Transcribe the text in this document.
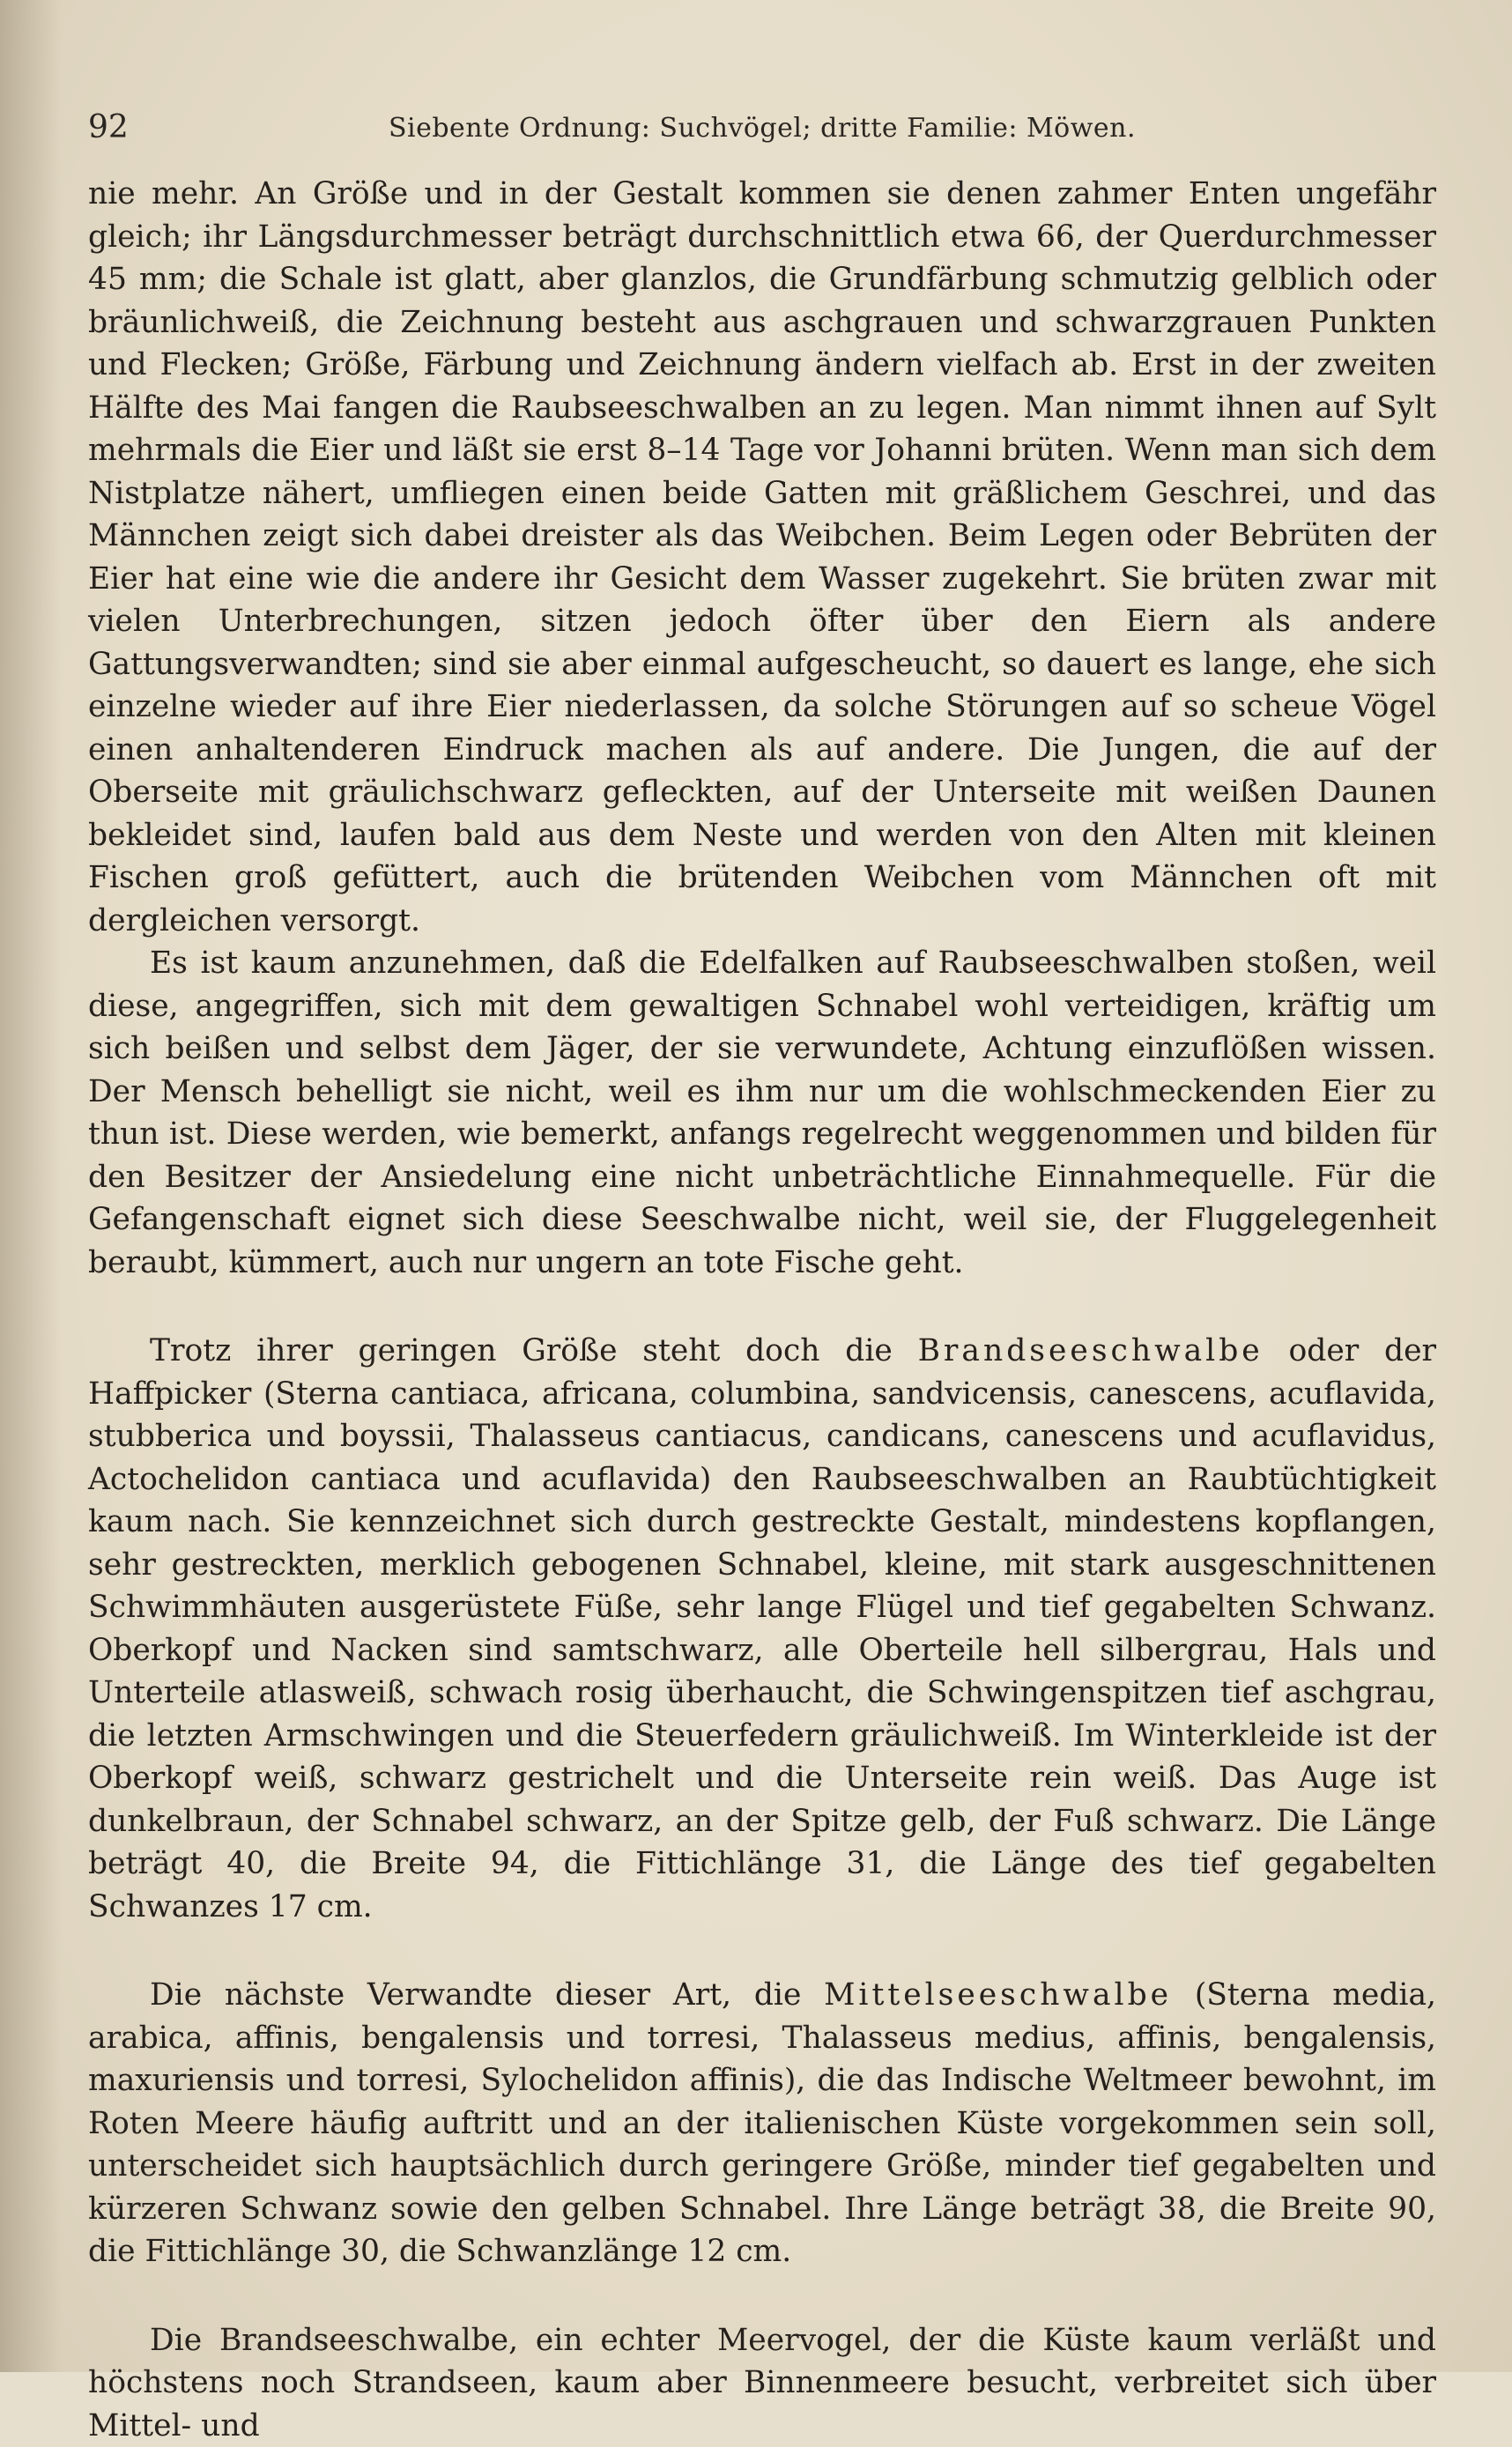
92	Siebente Ordnung: Suchvögel; dritte Familie: Möwen.

nie mehr. An Größe und in der Gestalt kommen sie denen zahmer Enten ungefähr gleich; ihr Längsdurchmesser beträgt durchschnittlich etwa 66, der Querdurchmesser 45 mm; die Schale ist glatt, aber glanzlos, die Grundfärbung schmutzig gelblich oder bräunlichweiß, die Zeichnung besteht aus aschgrauen und schwarzgrauen Punkten und Flecken; Größe, Färbung und Zeichnung ändern vielfach ab. Erst in der zweiten Hälfte des Mai fangen die Raubseeschwalben an zu legen. Man nimmt ihnen auf Sylt mehrmals die Eier und läßt sie erst 8–14 Tage vor Johanni brüten. Wenn man sich dem Nistplatze nähert, umfliegen einen beide Gatten mit gräßlichem Geschrei, und das Männchen zeigt sich dabei dreister als das Weibchen. Beim Legen oder Bebrüten der Eier hat eine wie die andere ihr Gesicht dem Wasser zugekehrt. Sie brüten zwar mit vielen Unterbrechungen, sitzen jedoch öfter über den Eiern als andere Gattungsverwandten; sind sie aber einmal aufgescheucht, so dauert es lange, ehe sich einzelne wieder auf ihre Eier niederlassen, da solche Störungen auf so scheue Vögel einen anhaltenderen Eindruck machen als auf andere. Die Jungen, die auf der Oberseite mit gräulichschwarz gefleckten, auf der Unterseite mit weißen Daunen bekleidet sind, laufen bald aus dem Neste und werden von den Alten mit kleinen Fischen groß gefüttert, auch die brütenden Weibchen vom Männchen oft mit dergleichen versorgt.

Es ist kaum anzunehmen, daß die Edelfalken auf Raubseeschwalben stoßen, weil diese, angegriffen, sich mit dem gewaltigen Schnabel wohl verteidigen, kräftig um sich beißen und selbst dem Jäger, der sie verwundete, Achtung einzuflößen wissen. Der Mensch behelligt sie nicht, weil es ihm nur um die wohlschmeckenden Eier zu thun ist. Diese werden, wie bemerkt, anfangs regelrecht weggenommen und bilden für den Besitzer der Ansiedelung eine nicht unbeträchtliche Einnahmequelle. Für die Gefangenschaft eignet sich diese Seeschwalbe nicht, weil sie, der Fluggelegenheit beraubt, kümmert, auch nur ungern an tote Fische geht.

Trotz ihrer geringen Größe steht doch die Brandseeschwalbe oder der Haffpicker (Sterna cantiaca, africana, columbina, sandvicensis, canescens, acuflavida, stubberica und boyssii, Thalasseus cantiacus, candicans, canescens und acuflavidus, Actochelidon cantiaca und acuflavida) den Raubseeschwalben an Raubtüchtigkeit kaum nach. Sie kennzeichnet sich durch gestreckte Gestalt, mindestens kopflangen, sehr gestreckten, merklich gebogenen Schnabel, kleine, mit stark ausgeschnittenen Schwimmhäuten ausgerüstete Füße, sehr lange Flügel und tief gegabelten Schwanz. Oberkopf und Nacken sind samtschwarz, alle Oberteile hell silbergrau, Hals und Unterteile atlasweiß, schwach rosig überhaucht, die Schwingenspitzen tief aschgrau, die letzten Armschwingen und die Steuerfedern gräulichweiß. Im Winterkleide ist der Oberkopf weiß, schwarz gestrichelt und die Unterseite rein weiß. Das Auge ist dunkelbraun, der Schnabel schwarz, an der Spitze gelb, der Fuß schwarz. Die Länge beträgt 40, die Breite 94, die Fittichlänge 31, die Länge des tief gegabelten Schwanzes 17 cm.

Die nächste Verwandte dieser Art, die Mittelseeschwalbe (Sterna media, arabica, affinis, bengalensis und torresi, Thalasseus medius, affinis, bengalensis, maxuriensis und torresi, Sylochelidon affinis), die das Indische Weltmeer bewohnt, im Roten Meere häufig auftritt und an der italienischen Küste vorgekommen sein soll, unterscheidet sich hauptsächlich durch geringere Größe, minder tief gegabelten und kürzeren Schwanz sowie den gelben Schnabel. Ihre Länge beträgt 38, die Breite 90, die Fittichlänge 30, die Schwanzlänge 12 cm.

Die Brandseeschwalbe, ein echter Meervogel, der die Küste kaum verläßt und höchstens noch Strandseen, kaum aber Binnenmeere besucht, verbreitet sich über Mittel- und
